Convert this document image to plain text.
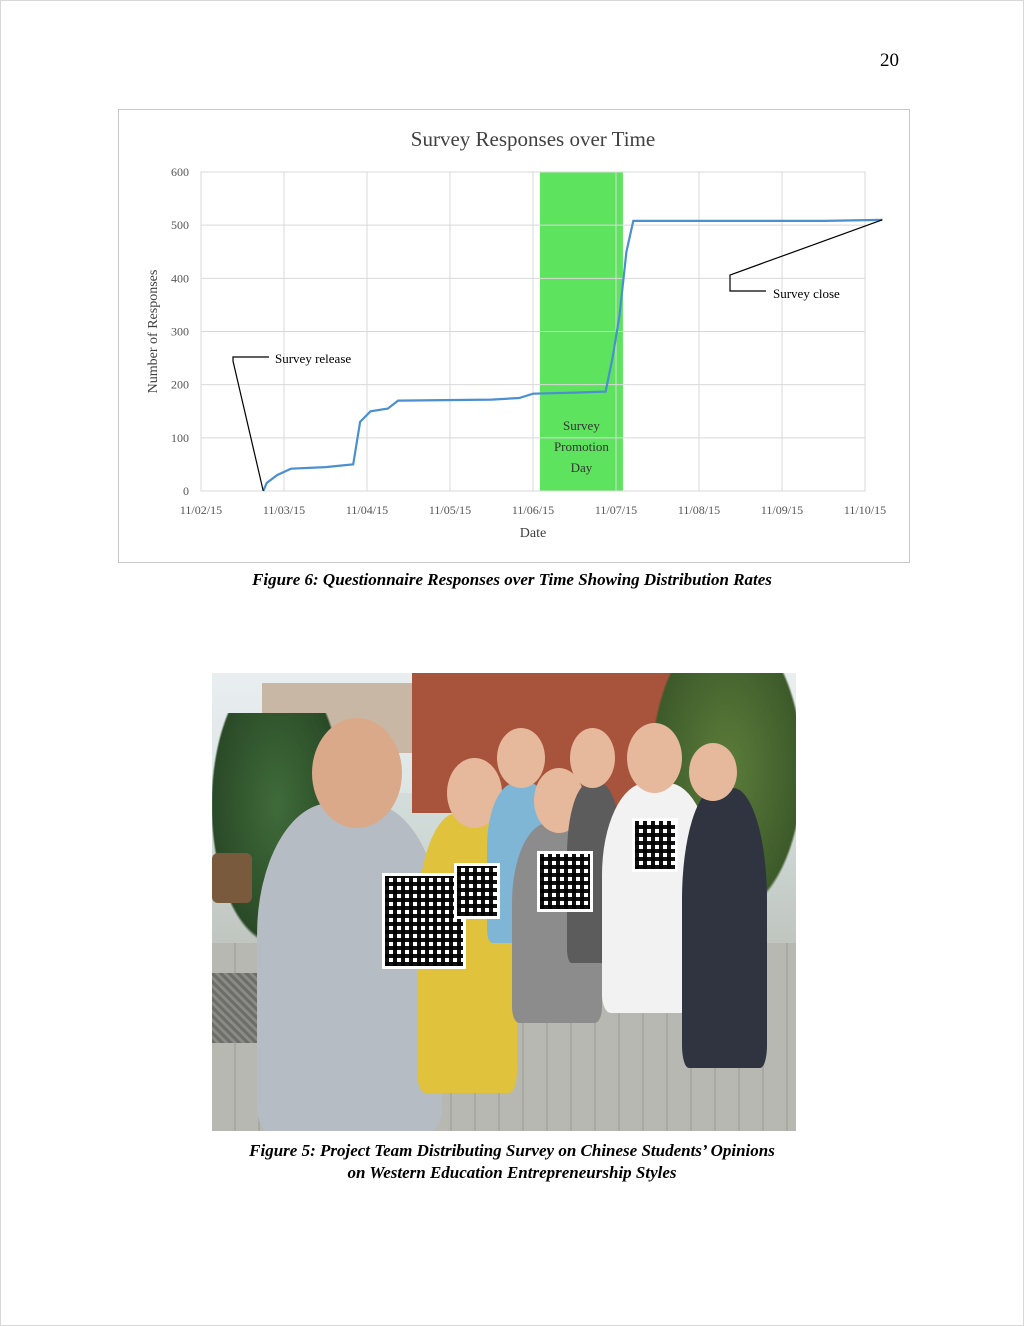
20
0
100
200
300
400
500
600
11/02/15	11/03/15	11/04/15	11/05/15	11/06/15	11/07/15	11/08/15	11/09/15	11/10/15
Survey
Promotion
Day
Survey release
Survey close
Survey Responses over Time
Date
Number of Responses
Figure 6: Questionnaire Responses over Time Showing Distribution Rates
Figure 5: Project Team Distributing Survey on Chinese Students’ Opinions
on Western Education Entrepreneurship Styles
